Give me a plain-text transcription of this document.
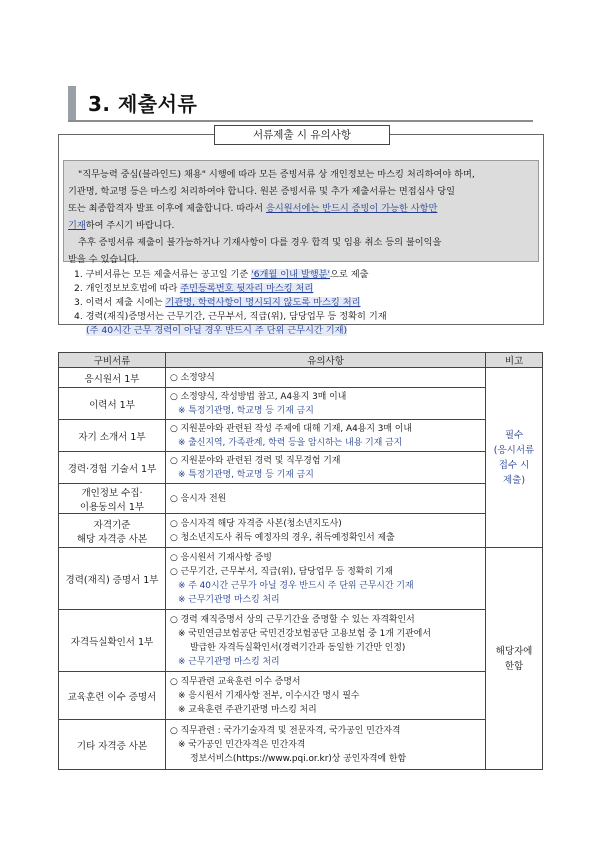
3. 제출서류
서류제출 시 유의사항
"직무능력 중심(블라인드) 채용" 시행에 따라 모든 증빙서류 상 개인정보는 마스킹 처리하여야 하며,
기관명, 학교명 등은 마스킹 처리하여야 합니다. 원본 증빙서류 및 추가 제출서류는 면접심사 당일
또는 최종합격자 발표 이후에 제출합니다. 따라서 응시원서에는 반드시 증빙이 가능한 사항만
기재하여 주시기 바랍니다.
추후 증빙서류 제출이 불가능하거나 기재사항이 다를 경우 합격 및 임용 취소 등의 불이익을
받을 수 있습니다.
1. 구비서류는 모든 제출서류는 공고일 기준 '6개월 이내 발행분'으로 제출
2. 개인정보보호법에 따라 주민등록번호 뒷자리 마스킹 처리
3. 이력서 제출 시에는 기관명, 학력사항이 명시되지 않도록 마스킹 처리
4. 경력(재직)증명서는 근무기간, 근무부서, 직급(위), 담당업무 등 정확히 기재
(주 40시간 근무 경력이 아닐 경우 반드시 주 단위 근무시간 기재)
구비서류	유의사항	비고
응시원서 1부	○ 소정양식	필수
(응시서류
접수 시
제출)

이력서 1부	○ 소정양식, 작성방법 참고, A4용지 3매 이내
※ 특정기관명, 학교명 등 기재 금지	

자기 소개서 1부	○ 지원분야와 관련된 작성 주제에 대해 기재, A4용지 3매 이내
※ 출신지역, 가족관계, 학력 등을 암시하는 내용 기재 금지	

경력·경험 기술서 1부	○ 지원분야와 관련된 경력 및 직무경험 기재
※ 특정기관명, 학교명 등 기재 금지	

개인정보 수집·
이용동의서 1부	○ 응시자 전원	

자격기준
해당 자격증 사본	○ 응시자격 해당 자격증 사본(청소년지도사)
○ 청소년지도사 취득 예정자의 경우, 취득예정확인서 제출	

경력(재직) 증명서 1부	○ 응시원서 기재사항 증빙
○ 근무기간, 근무부서, 직급(위), 담당업무 등 정확히 기재
※ 주 40시간 근무가 아닐 경우 반드시 주 단위 근무시간 기재
※ 근무기관명 마스킹 처리	해당자에
한함

자격득실확인서 1부	○ 경력 재직증명서 상의 근무기간을 증명할 수 있는 자격확인서
※ 국민연금보험공단 국민건강보험공단 고용보험 중 1개 기관에서
발급한 자격득실확인서(경력기간과 동일한 기간만 인정)
※ 근무기관명 마스킹 처리	

교육훈련 이수 증명서	○ 직무관련 교육훈련 이수 증명서
※ 응시원서 기재사항 전부, 이수시간 명시 필수
※ 교육훈련 주관기관명 마스킹 처리	

기타 자격증 사본	○ 직무관련 : 국가기술자격 및 전문자격, 국가공인 민간자격
※ 국가공인 민간자격은 민간자격
정보서비스(https://www.pqi.or.kr)상 공인자격에 한함	
